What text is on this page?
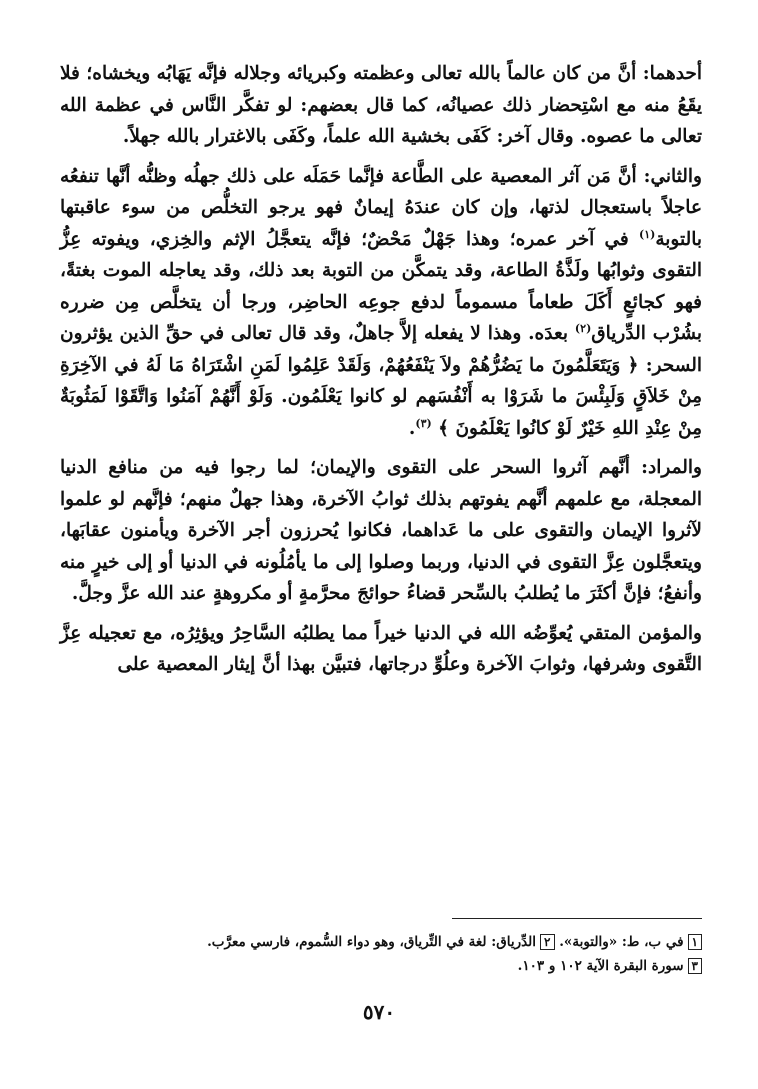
أحدهما: أنَّ من كان عالماً بالله تعالى وعظمته وكبريائه وجلاله فإنَّه يَهَابُه ويخشاه؛ فلا يقَعُ منه مع اسْتِحضار ذلك عصيانُه، كما قال بعضهم: لو تفكَّر النَّاس في عظمة الله تعالى ما عصوه. وقال آخر: كَفَى بخشية الله علماً، وكَفَى بالاغترار بالله جهلاً.

والثاني: أنَّ مَن آثر المعصية على الطَّاعة فإنَّما حَمَلَه على ذلك جهلُه وظنُّه أنَّها تنفعُه عاجلاً باستعجال لذتها، وإن كان عندَهُ إيمانٌ فهو يرجو التخلُّص من سوء عاقبتها بالتوبة$^{(١)}$ في آخر عمره؛ وهذا جَهْلٌ مَحْضٌ؛ فإنَّه يتعجَّلُ الإثم والخِزي، ويفوته عِزُّ التقوى وثوابُها ولَذَّةُ الطاعة، وقد يتمكَّن من التوبة بعد ذلك، وقد يعاجله الموت بغتةً، فهو كجائعٍ أَكَلَ طعاماً مسموماً لدفع جوعِه الحاضِر، ورجا أن يتخلَّص مِن ضرره بشُرْب الدِّرياق$^{(٢)}$ بعدَه. وهذا لا يفعله إلاَّ جاهلٌ، وقد قال تعالى في حقِّ الذين يؤثرون السحر: ﴿ وَيَتَعَلَّمُونَ ما يَضُرُّهُمْ ولاَ يَنْفَعُهُمْ، وَلَقَدْ عَلِمُوا لَمَنِ اشْتَرَاهُ مَا لَهُ في الآخِرَةِ مِنْ خَلاَقٍ وَلَبِئْسَ ما شَرَوْا به أَنْفُسَهم لو كانوا يَعْلَمُون. وَلَوْ أَنَّهُمْ آمَنُوا وَاتَّقَوْا لَمَثُوبَةٌ مِنْ عِنْدِ اللهِ خَيْرٌ لَوْ كانُوا يَعْلَمُونَ ﴾ $^{(٣)}$.

والمراد: أنَّهم آثروا السحر على التقوى والإيمان؛ لما رجوا فيه من منافع الدنيا المعجلة، مع علمهم أنَّهم يفوتهم بذلك ثوابُ الآخرة، وهذا جهلٌ منهم؛ فإنَّهم لو علموا لآثروا الإيمان والتقوى على ما عَداهما، فكانوا يُحرزون أجر الآخرة ويأمنون عقابَها، ويتعجَّلون عِزَّ التقوى في الدنيا، وربما وصلوا إلى ما يأمُلُونه في الدنيا أو إلى خيرٍ منه وأنفعُ؛ فإنَّ أكثَرَ ما يُطلبُ بالسِّحر قضاءُ حوائجَ محرَّمةٍ أو مكروهةٍ عند الله عزَّ وجلَّ.

والمؤمن المتقي يُعوِّضُه الله في الدنيا خيراً مما يطلبُه السَّاحِرُ ويؤثِرُه، مع تعجيله عِزَّ التَّقوى وشرفها، وثوابَ الآخرة وعلُوِّ درجاتها، فتبيَّن بهذا أنَّ إيثار المعصية على

١في ب، ط: «والتوبة». ٢الدِّرياق: لغة في التِّرياق، وهو دواء السُّموم، فارسي معرَّب.
٣سورة البقرة الآية ١٠٢ و ١٠٣.
٥٧٠
